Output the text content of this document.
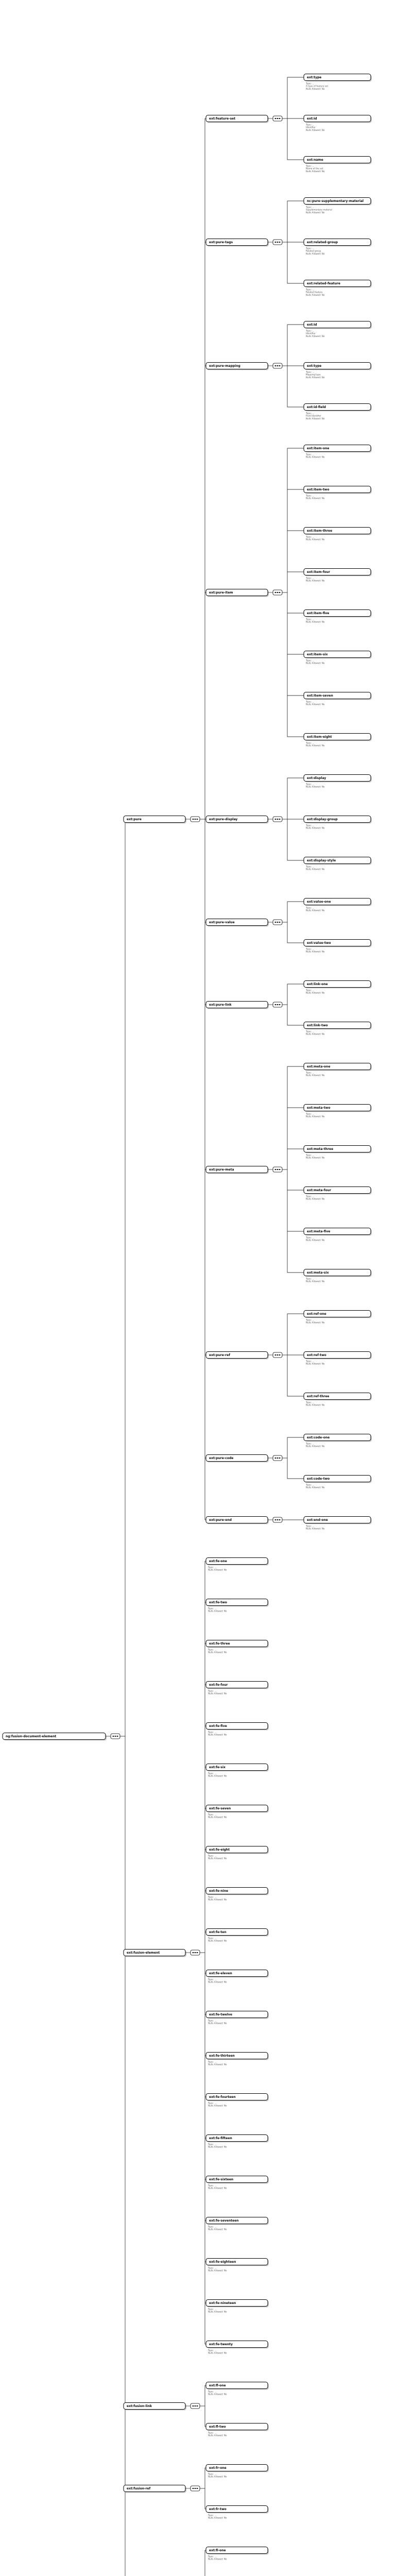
ng:fusion-document-element
ext:pure
ext:feature-set
ext:type
Type: ...
A type of feature set
Nulls Allowed: No
ext:id
Type: ...
Identifier
Nulls Allowed: No
ext:name
Type: ...
Name of the set
Nulls Allowed: No
ext:pure-tags
nc:pure-supplementary-material
Type: ...
Supplementary material
Nulls Allowed: No
ext:related-group
Type: ...
Related group
Nulls Allowed: No
ext:related-feature
Type: ...
Related feature
Nulls Allowed: No
ext:pure-mapping
ext:id
Type: ...
Identifier
Nulls Allowed: No
ext:type
Type: ...
Mapping type
Nulls Allowed: No
ext:id-field
Type: ...
Field identifier
Nulls Allowed: No
ext:pure-item
ext:item-one
Type: ...
Nulls Allowed: No
ext:item-two
Type: ...
Nulls Allowed: No
ext:item-three
Type: ...
Nulls Allowed: No
ext:item-four
Type: ...
Nulls Allowed: No
ext:item-five
Type: ...
Nulls Allowed: No
ext:item-six
Type: ...
Nulls Allowed: No
ext:item-seven
Type: ...
Nulls Allowed: No
ext:item-eight
Type: ...
Nulls Allowed: No
ext:pure-display
ext:display
Type: ...
Nulls Allowed: No
ext:display-group
Type: ...
Nulls Allowed: No
ext:display-style
Type: ...
Nulls Allowed: No
ext:pure-value
ext:value-one
Type: ...
Nulls Allowed: No
ext:value-two
Type: ...
Nulls Allowed: No
ext:pure-link
ext:link-one
Type: ...
Nulls Allowed: No
ext:link-two
Type: ...
Nulls Allowed: No
ext:pure-meta
ext:meta-one
Type: ...
Nulls Allowed: No
ext:meta-two
Type: ...
Nulls Allowed: No
ext:meta-three
Type: ...
Nulls Allowed: No
ext:meta-four
Type: ...
Nulls Allowed: No
ext:meta-five
Type: ...
Nulls Allowed: No
ext:meta-six
Type: ...
Nulls Allowed: No
ext:pure-ref
ext:ref-one
Type: ...
Nulls Allowed: No
ext:ref-two
Type: ...
Nulls Allowed: No
ext:ref-three
Type: ...
Nulls Allowed: No
ext:pure-code
ext:code-one
Type: ...
Nulls Allowed: No
ext:code-two
Type: ...
Nulls Allowed: No
ext:pure-end	ext:end-one
Type: ...
Nulls Allowed: No
ext:fusion-element
ext:fe-one
Type: ...
Nulls Allowed: No
ext:fe-two
Type: ...
Nulls Allowed: No
ext:fe-three
Type: ...
Nulls Allowed: No
ext:fe-four
Type: ...
Nulls Allowed: No
ext:fe-five
Type: ...
Nulls Allowed: No
ext:fe-six
Type: ...
Nulls Allowed: No
ext:fe-seven
Type: ...
Nulls Allowed: No
ext:fe-eight
Type: ...
Nulls Allowed: No
ext:fe-nine
Type: ...
Nulls Allowed: No
ext:fe-ten
Type: ...
Nulls Allowed: No
ext:fe-eleven
Type: ...
Nulls Allowed: No
ext:fe-twelve
Type: ...
Nulls Allowed: No
ext:fe-thirteen
Type: ...
Nulls Allowed: No
ext:fe-fourteen
Type: ...
Nulls Allowed: No
ext:fe-fifteen
Type: ...
Nulls Allowed: No
ext:fe-sixteen
Type: ...
Nulls Allowed: No
ext:fe-seventeen
Type: ...
Nulls Allowed: No
ext:fe-eighteen
Type: ...
Nulls Allowed: No
ext:fe-nineteen
Type: ...
Nulls Allowed: No
ext:fe-twenty
Type: ...
Nulls Allowed: No
ext:fusion-link
ext:fl-one
Type: ...
Nulls Allowed: No
ext:fl-two
Type: ...
Nulls Allowed: No
ext:fusion-ref
ext:fr-one
Type: ...
Nulls Allowed: No
ext:fr-two
Type: ...
Nulls Allowed: No
ext:fi-one
Type: ...
Nulls Allowed: No
